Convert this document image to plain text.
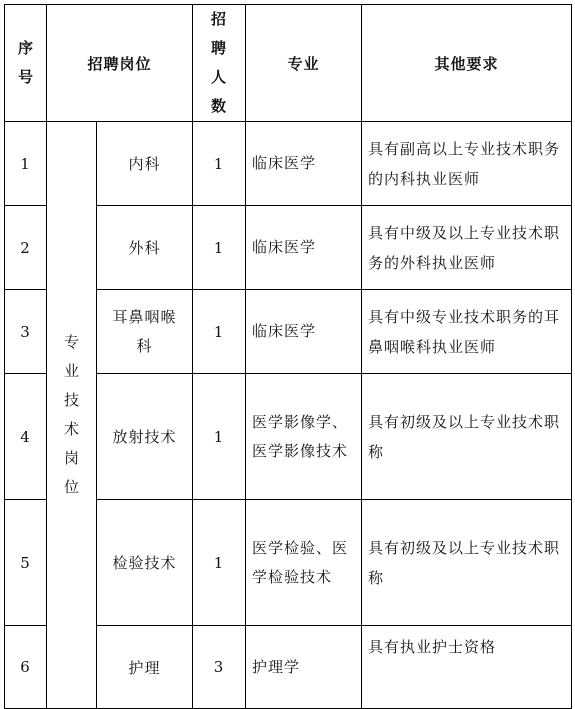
序号	招聘岗位		招聘人数	专业	其他要求
1	专业技术岗位	内科	1	临床医学	具有副高以上专业技术职务的内科执业医师
2		外科	1	临床医学	具有中级及以上专业技术职务的外科执业医师
3		耳鼻咽喉科	1	临床医学	具有中级专业技术职务的耳鼻咽喉科执业医师
4		放射技术	1	医学影像学、医学影像技术	具有初级及以上专业技术职称
5		检验技术	1	医学检验、医学检验技术	具有初级及以上专业技术职称
6		护理	3	护理学	具有执业护士资格
